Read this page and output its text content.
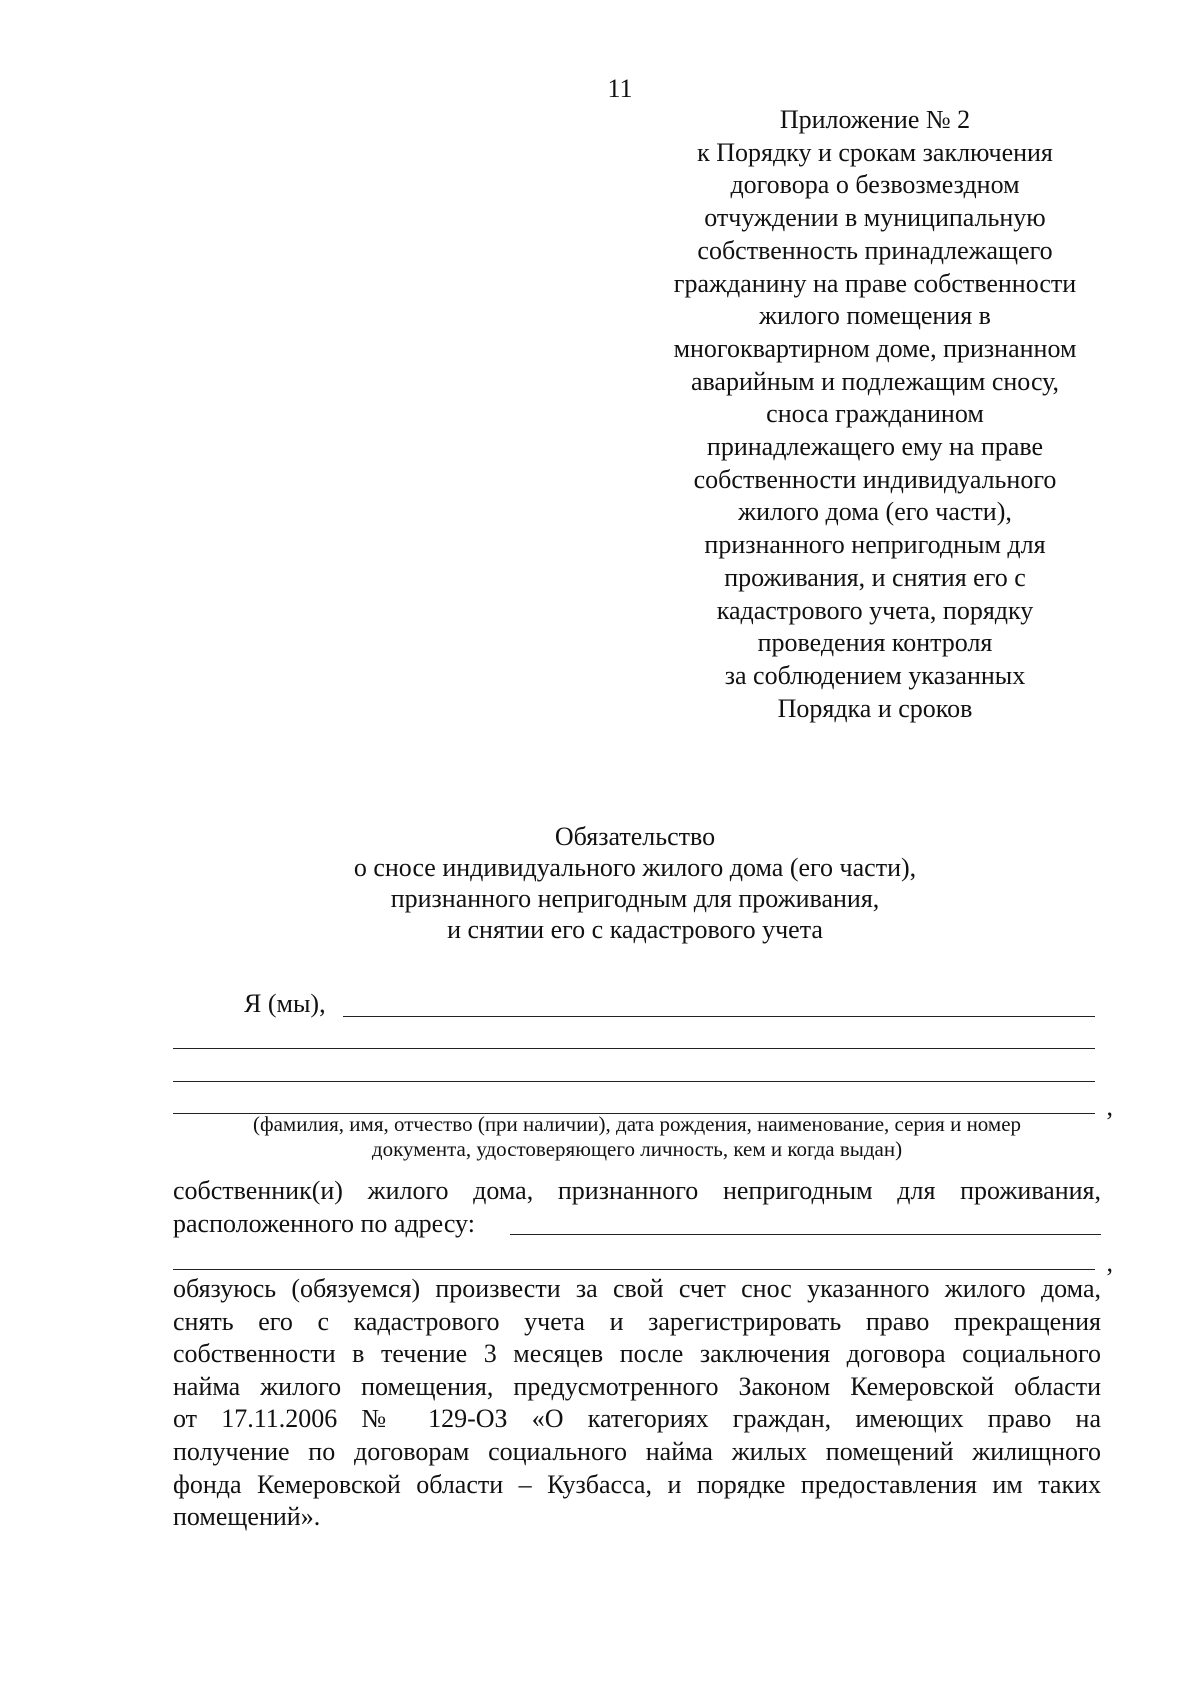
11
Приложение № 2
к Порядку и срокам заключения
договора о безвозмездном
отчуждении в муниципальную
собственность принадлежащего
гражданину на праве собственности
жилого помещения в
многоквартирном доме, признанном
аварийным и подлежащим сносу,
сноса гражданином
принадлежащего ему на праве
собственности индивидуального
жилого дома (его части),
признанного непригодным для
проживания, и снятия его с
кадастрового учета, порядку
проведения контроля
за соблюдением указанных
Порядка и сроков
Обязательство
о сносе индивидуального жилого дома (его части),
признанного непригодным для проживания,
и снятии его с кадастрового учета
Я (мы),
,
(фамилия, имя, отчество (при наличии), дата рождения, наименование, серия и номер
документа, удостоверяющего личность, кем и когда выдан)
собственник(и) жилого дома, признанного непригодным для проживания,
расположенного по адресу:
,
обязуюсь (обязуемся) произвести за свой счет снос указанного жилого дома,
снять его с кадастрового учета и зарегистрировать право прекращения
собственности в течение 3 месяцев после заключения договора социального
найма жилого помещения, предусмотренного Законом Кемеровской области
от 17.11.2006 № 129-ОЗ «О категориях граждан, имеющих право на
получение по договорам социального найма жилых помещений жилищного
фонда Кемеровской области – Кузбасса, и порядке предоставления им таких
помещений».
